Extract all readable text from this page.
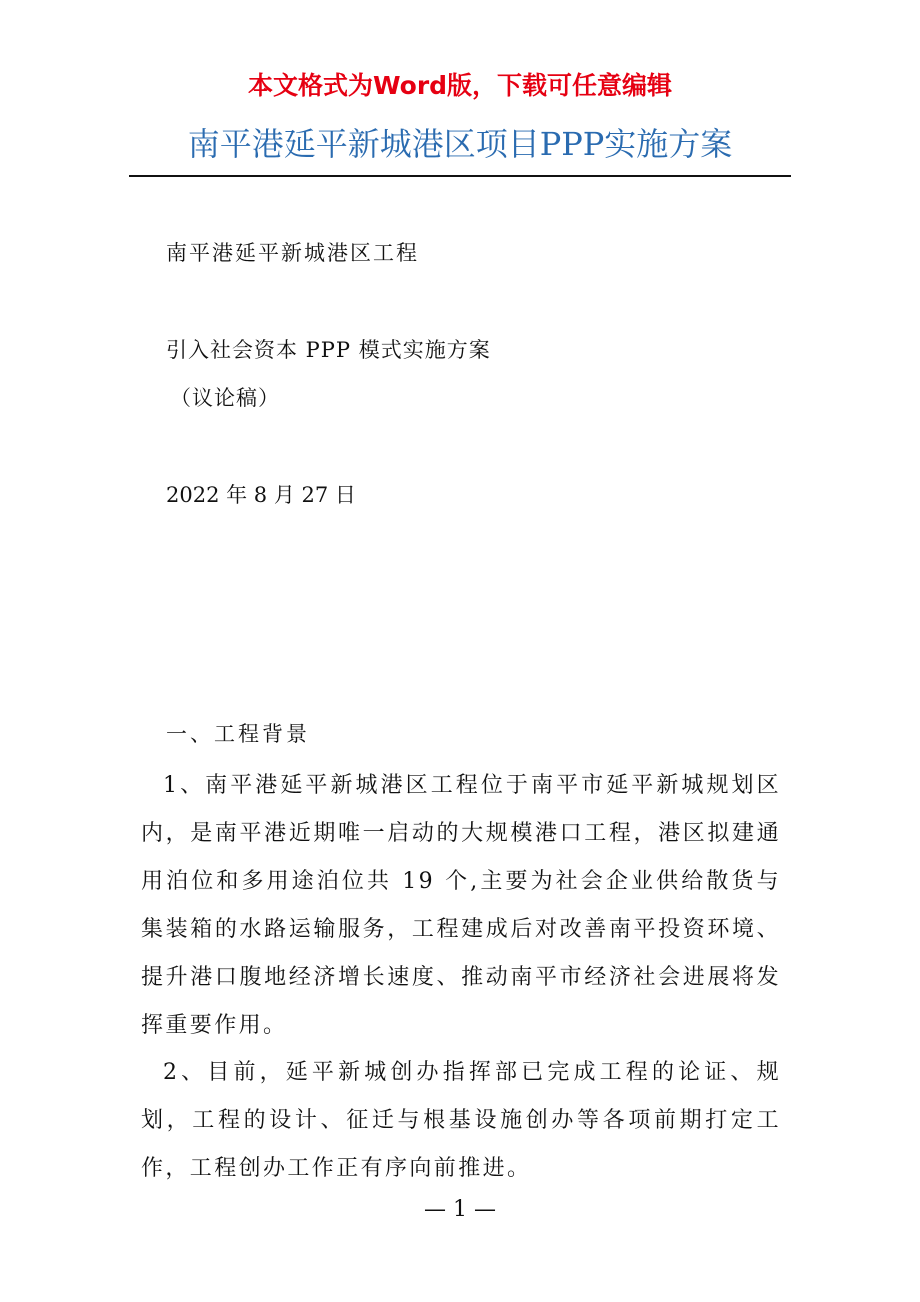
本文格式为Word版，下载可任意编辑

南平港延平新城港区项目PPP实施方案

南平港延平新城港区工程

引入社会资本 PPP 模式实施方案

（议论稿）

2022 年 8 月 27 日

一、工程背景

1、南平港延平新城港区工程位于南平市延平新城规划区内，是南平港近期唯一启动的大规模港口工程，港区拟建通用泊位和多用途泊位共 19 个,主要为社会企业供给散货与集装箱的水路运输服务，工程建成后对改善南平投资环境、提升港口腹地经济增长速度、推动南平市经济社会进展将发挥重要作用。

2、目前，延平新城创办指挥部已完成工程的论证、规划，工程的设计、征迁与根基设施创办等各项前期打定工作，工程创办工作正有序向前推进。

— 1 —
